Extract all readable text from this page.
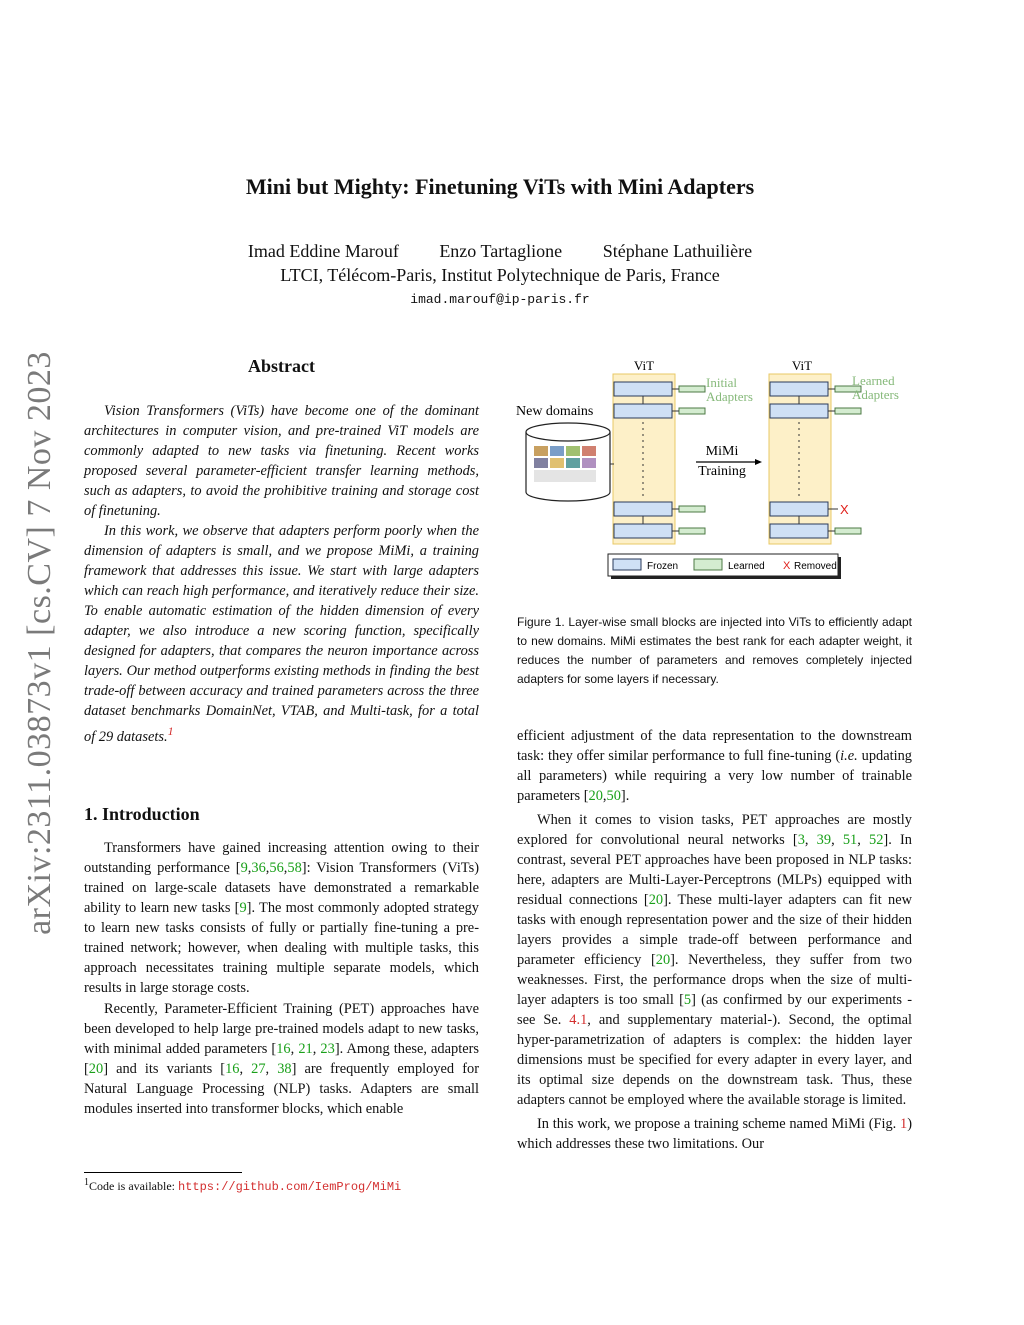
arXiv:2311.03873v1 [cs.CV] 7 Nov 2023
Mini but Mighty: Finetuning ViTs with Mini Adapters
Imad Eddine Marouf Enzo Tartaglione Stéphane Lathuilière
LTCI, Télécom-Paris, Institut Polytechnique de Paris, France
imad.marouf@ip-paris.fr
Abstract

Vision Transformers (ViTs) have become one of the dominant architectures in computer vision, and pre-trained ViT models are commonly adapted to new tasks via finetuning. Recent works proposed several parameter-efficient transfer learning methods, such as adapters, to avoid the prohibitive training and storage cost of finetuning.

In this work, we observe that adapters perform poorly when the dimension of adapters is small, and we propose MiMi, a training framework that addresses this issue. We start with large adapters which can reach high performance, and iteratively reduce their size. To enable automatic estimation of the hidden dimension of every adapter, we also introduce a new scoring function, specifically designed for adapters, that compares the neuron importance across layers. Our method outperforms existing methods in finding the best trade-off between accuracy and trained parameters across the three dataset benchmarks DomainNet, VTAB, and Multi-task, for a total of 29 datasets.$^1$

1. Introduction

Transformers have gained increasing attention owing to their outstanding performance [9,36,56,58]: Vision Transformers (ViTs) trained on large-scale datasets have demonstrated a remarkable ability to learn new tasks [9]. The most commonly adopted strategy to learn new tasks consists of fully or partially fine-tuning a pre-trained network; however, when dealing with multiple tasks, this approach necessitates training multiple separate models, which results in large storage costs.

Recently, Parameter-Efficient Training (PET) approaches have been developed to help large pre-trained models adapt to new tasks, with minimal added parameters [16, 21, 23]. Among these, adapters [20] and its variants [16, 27, 38] are frequently employed for Natural Language Processing (NLP) tasks. Adapters are small modules inserted into transformer blocks, which enable

$^1$Code is available: https://github.com/IemProg/MiMi
ViT
Initial
Adapters
ViT
X
Learned
Adapters
MiMi
Training
New domains
Frozen	Learned X Removed
Figure 1. Layer-wise small blocks are injected into ViTs to efficiently adapt to new domains. MiMi estimates the best rank for each adapter weight, it reduces the number of parameters and removes completely injected adapters for some layers if necessary.

efficient adjustment of the data representation to the downstream task: they offer similar performance to full fine-tuning (i.e. updating all parameters) while requiring a very low number of trainable parameters [20,50].

When it comes to vision tasks, PET approaches are mostly explored for convolutional neural networks [3, 39, 51, 52]. In contrast, several PET approaches have been proposed in NLP tasks: here, adapters are Multi-Layer-Perceptrons (MLPs) equipped with residual connections [20]. These multi-layer adapters can fit new tasks with enough representation power and the size of their hidden layers provides a simple trade-off between performance and parameter efficiency [20]. Nevertheless, they suffer from two weaknesses. First, the performance drops when the size of multi-layer adapters is too small [5] (as confirmed by our experiments -see Se. 4.1, and supplementary material-). Second, the optimal hyper-parametrization of adapters is complex: the hidden layer dimensions must be specified for every adapter in every layer, and its optimal size depends on the downstream task. Thus, these adapters cannot be employed where the available storage is limited.

In this work, we propose a training scheme named MiMi (Fig. 1) which addresses these two limitations. Our
